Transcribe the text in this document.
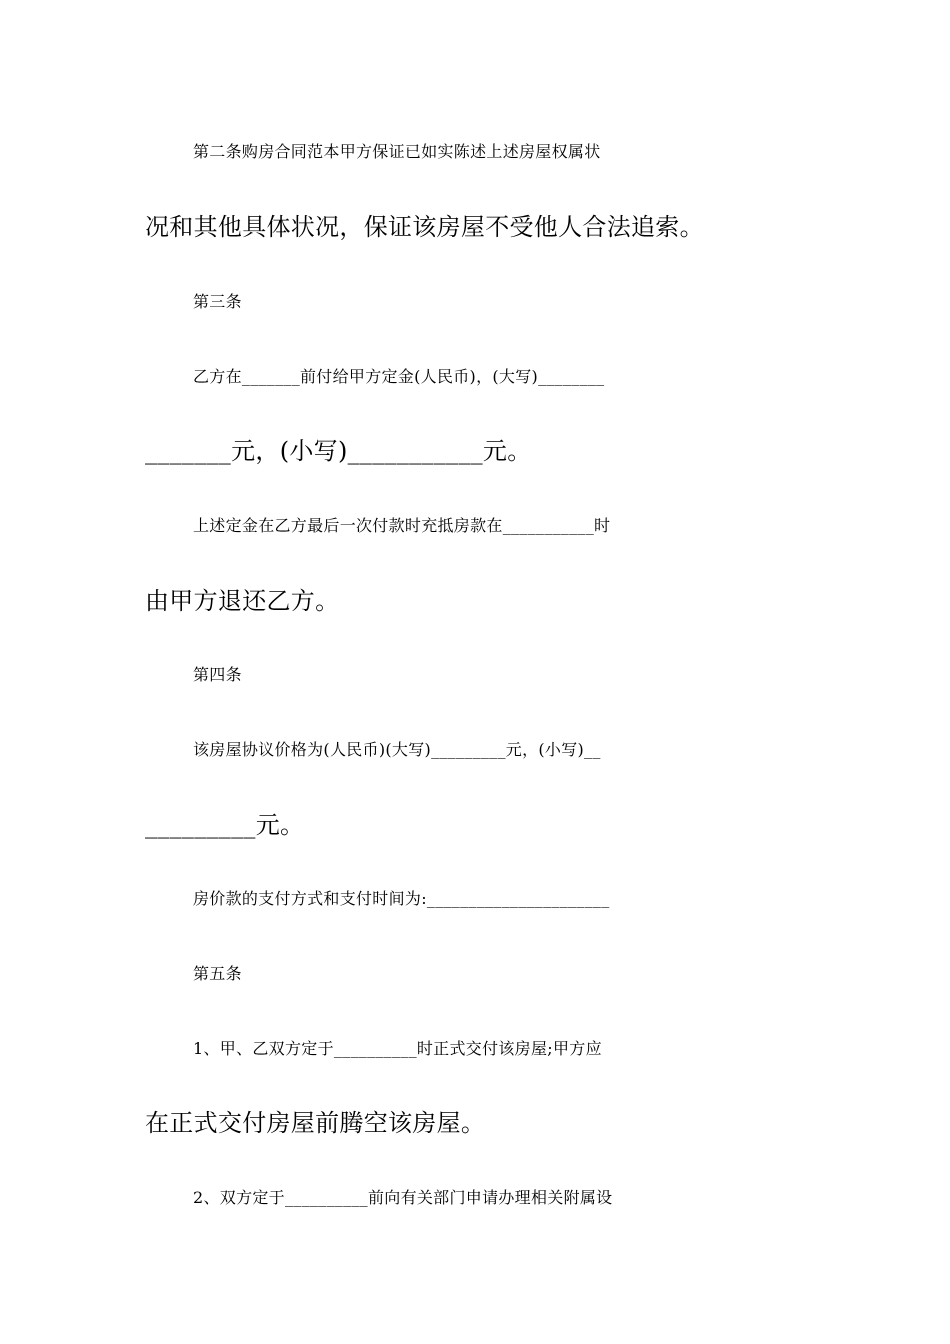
第二条购房合同范本甲方保证已如实陈述上述房屋权属状
况和其他具体状况，保证该房屋不受他人合法追索。
第三条
乙方在_______前付给甲方定金(人民币)，(大写)________
_______元，(小写)___________元。
上述定金在乙方最后一次付款时充抵房款在___________时
由甲方退还乙方。
第四条
该房屋协议价格为(人民币)(大写)_________元，(小写)__
_________元。
房价款的支付方式和支付时间为:______________________
第五条
1、甲、乙双方定于__________时正式交付该房屋;甲方应
在正式交付房屋前腾空该房屋。
2、双方定于__________前向有关部门申请办理相关附属设
